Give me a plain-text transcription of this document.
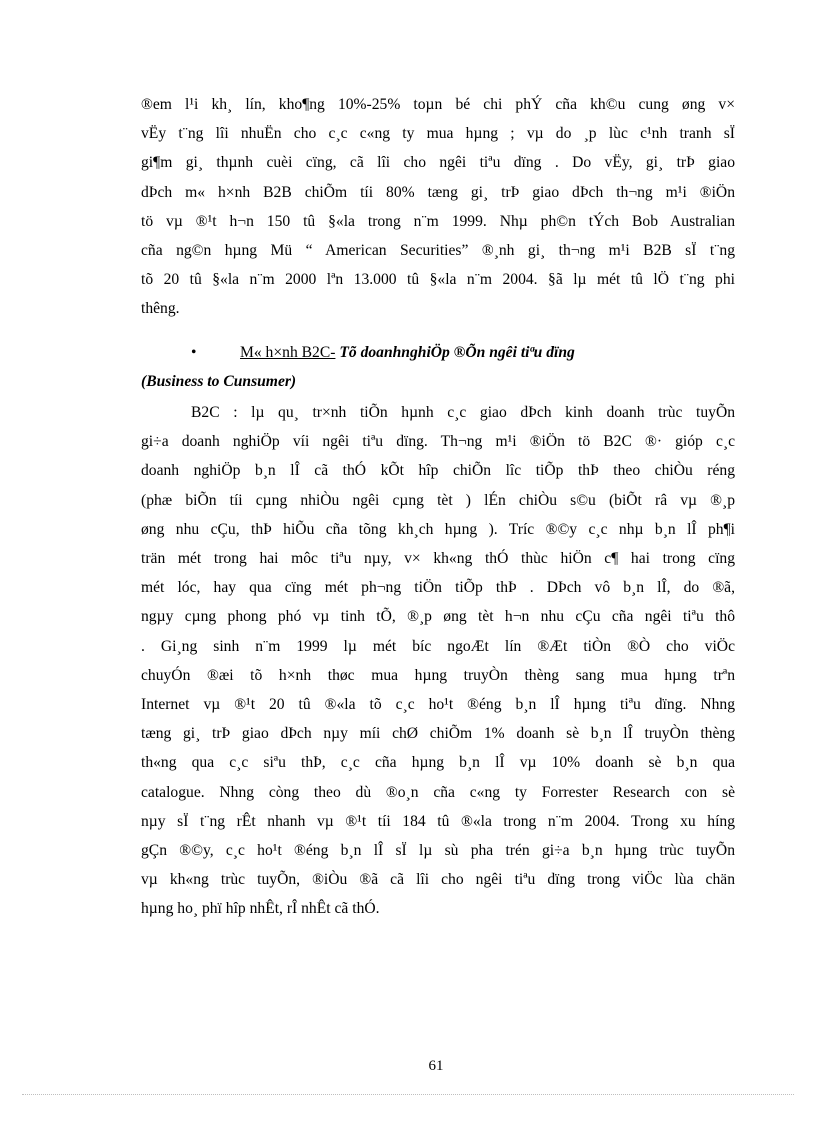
®em l¹i kh¸ lín, kho¶ng 10%-25% toµn bé chi phÝ cña kh©u cung øng v×
vËy t¨ng lîi nhuËn cho c¸c c«ng ty mua hµng ; vµ do ¸p lùc c¹nh tranh sÏ
gi¶m gi¸ thµnh cuèi cïng, cã lîi cho ngêi tiªu dïng . Do vËy, gi¸ trÞ giao
dÞch m« h×nh B2B chiÕm tíi 80% tæng gi¸ trÞ giao dÞch th¬ng m¹i ®iÖn
tö vµ ®¹t h¬n 150 tû §«la trong n¨m 1999. Nhµ ph©n tÝch Bob Australian
cña ng©n hµng Mü “ American Securities” ®¸nh gi¸ th¬ng m¹i B2B sÏ t¨ng
tõ 20 tû §«la n¨m 2000 lªn 13.000 tû §«la n¨m 2004. §ã lµ mét tû lÖ t¨ng phi
thêng.

•	M« h×nh B2C- Tõ doanhnghiÖp ®Õn ngêi tiªu dïng
(Business to Cunsumer)

B2C : lµ qu¸ tr×nh tiÕn hµnh c¸c giao dÞch kinh doanh trùc tuyÕn
gi÷a doanh nghiÖp víi ngêi tiªu dïng. Th¬ng m¹i ®iÖn tö B2C ®· gióp c¸c
doanh nghiÖp b¸n lÎ cã thÓ kÕt hîp chiÕn lîc tiÕp thÞ theo chiÒu réng
(phæ biÕn tíi cµng nhiÒu ngêi cµng tèt ) lÉn chiÒu s©u (biÕt râ vµ ®¸p
øng nhu cÇu, thÞ hiÕu cña tõng kh¸ch hµng ). Tríc ®©y c¸c nhµ b¸n lÎ ph¶i
trän mét trong hai môc tiªu nµy, v× kh«ng thÓ thùc hiÖn c¶ hai trong cïng
mét lóc, hay qua cïng mét ph¬ng tiÖn tiÕp thÞ . DÞch vô b¸n lÎ, do ®ã,
ngµy cµng phong phó vµ tinh tÕ, ®¸p øng tèt h¬n nhu cÇu cña ngêi tiªu thô
. Gi¸ng sinh n¨m 1999 lµ mét bíc ngoÆt lín ®Æt tiÒn ®Ò cho viÖc
chuyÓn ®æi tõ h×nh thøc mua hµng truyÒn thèng sang mua hµng trªn
Internet vµ ®¹t 20 tû ®«la tõ c¸c ho¹t ®éng b¸n lÎ hµng tiªu dïng. Nhng
tæng gi¸ trÞ giao dÞch nµy míi chØ chiÕm 1% doanh sè b¸n lÎ truyÒn thèng
th«ng qua c¸c siªu thÞ, c¸c cña hµng b¸n lÎ vµ 10% doanh sè b¸n qua
catalogue. Nhng còng theo dù ®o¸n cña c«ng ty Forrester Research con sè
nµy sÏ t¨ng rÊt nhanh vµ ®¹t tíi 184 tû ®«la trong n¨m 2004. Trong xu híng
gÇn ®©y, c¸c ho¹t ®éng b¸n lÎ sÏ lµ sù pha trén gi÷a b¸n hµng trùc tuyÕn
vµ kh«ng trùc tuyÕn, ®iÒu ®ã cã lîi cho ngêi tiªu dïng trong viÖc lùa chän
hµng ho¸ phï hîp nhÊt, rÎ nhÊt cã thÓ.

61
